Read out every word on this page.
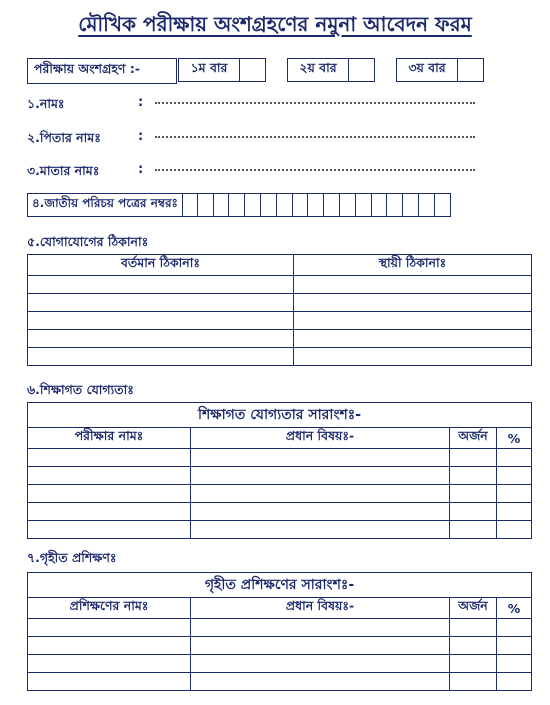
মৌখিক পরীক্ষায় অংশগ্রহণের নমুনা আবেদন ফরম
পরীক্ষায় অংশগ্রহণ :-	১ম বার	২য় বার	৩য় বার
১.নামঃ	:
২.পিতার নামঃ	:
৩.মাতার নামঃ	:
৪.জাতীয় পরিচয় পত্রের নম্বরঃ
৫.যোগাযোগের ঠিকানাঃ
বর্তমান ঠিকানাঃ	স্থায়ী ঠিকানাঃ

৬.শিক্ষাগত যোগ্যতাঃ
শিক্ষাগত যোগ্যতার সারাংশঃ-			
পরীক্ষার নামঃ	প্রধান বিষয়ঃ-	অর্জন	%

৭.গৃহীত প্রশিক্ষণঃ
গৃহীত প্রশিক্ষণের সারাংশঃ-			
প্রশিক্ষণের নামঃ	প্রধান বিষয়ঃ-	অর্জন	%
